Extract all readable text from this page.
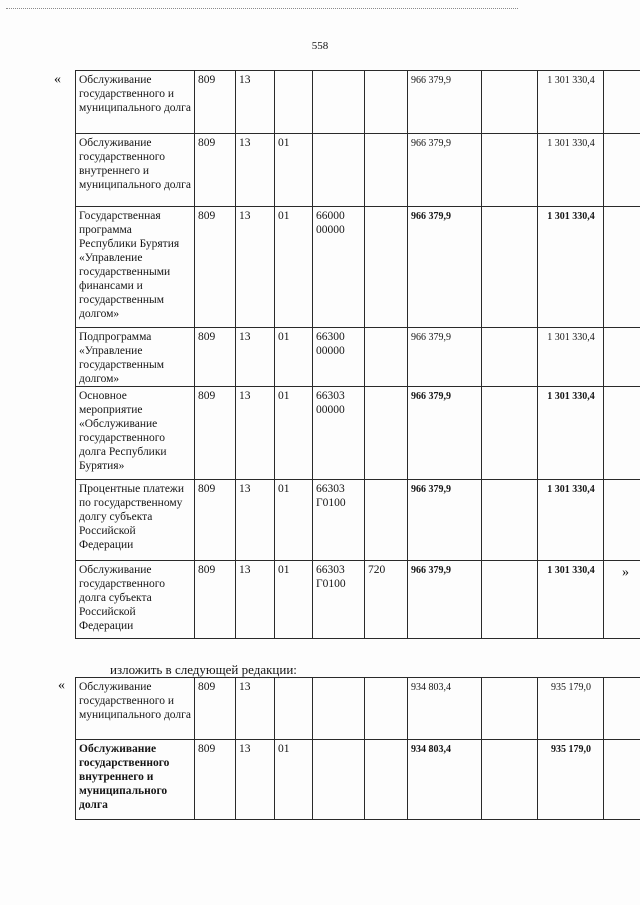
558
« Обслуживание государственного и муниципального долга	809	13				966 379,9		1 301 330,4	
Обслуживание государственного внутреннего и муниципального долга	809	13	01			966 379,9		1 301 330,4	
Государственная программа Республики Бурятия «Управление государственными финансами и государственным долгом»	809	13	01	66000 00000		966 379,9		1 301 330,4	
Подпрограмма «Управление государственным долгом»	809	13	01	66300 00000		966 379,9		1 301 330,4	
Основное мероприятие «Обслуживание государственного долга Республики Бурятия»	809	13	01	66303 00000		966 379,9		1 301 330,4	
Процентные платежи по государственному долгу субъекта Российской Федерации	809	13	01	66303 Г0100		966 379,9		1 301 330,4	
Обслуживание государственного долга субъекта Российской Федерации	809	13	01	66303 Г0100	720	966 379,9		1 301 330,4	»
изложить в следующей редакции:
« Обслуживание государственного и муниципального долга	809	13				934 803,4		935 179,0	
Обслуживание государственного внутреннего и муниципального долга	809	13	01			934 803,4		935 179,0	
